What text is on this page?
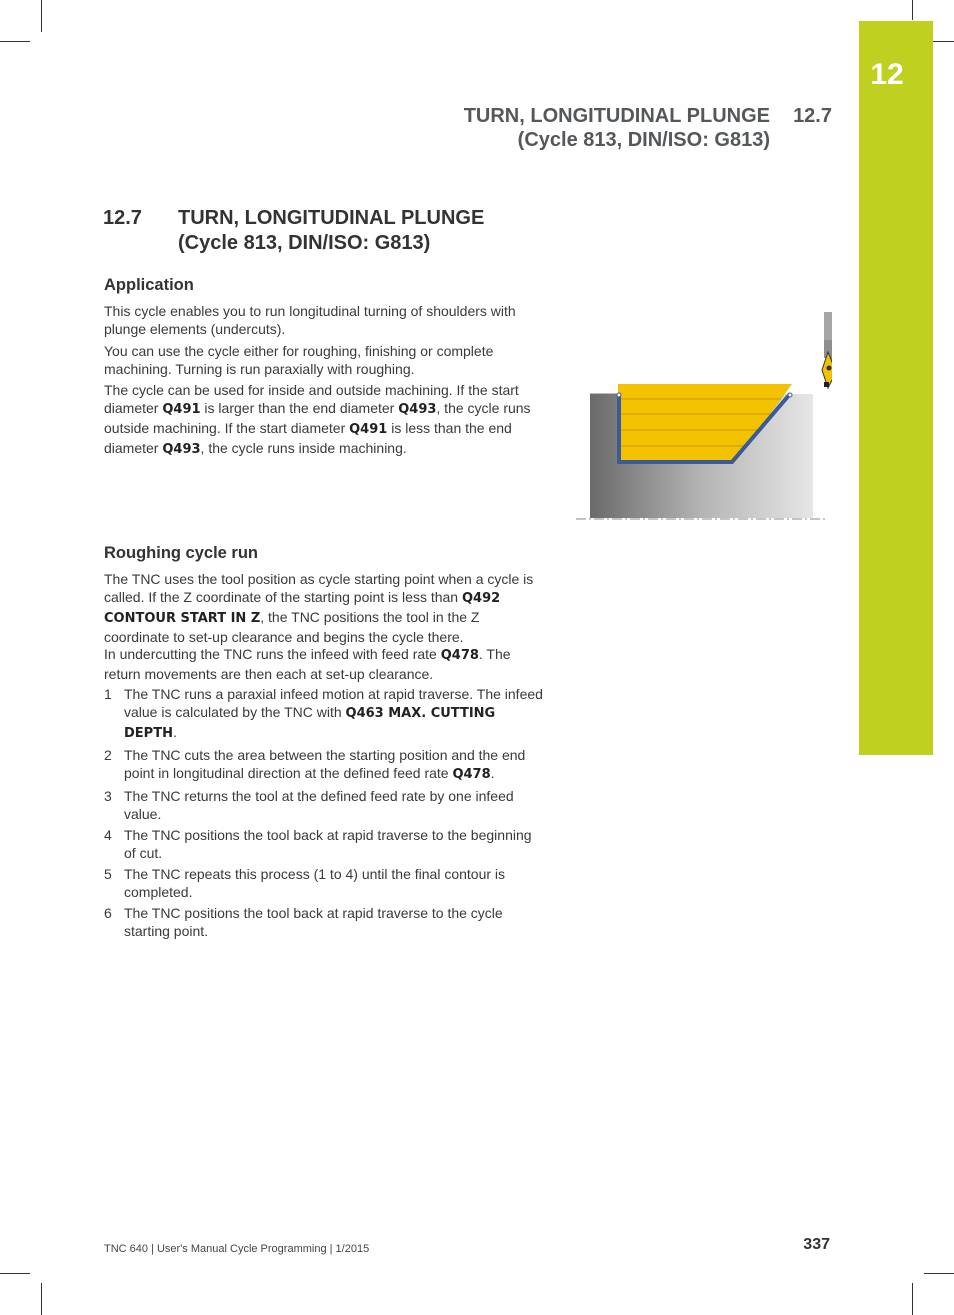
12
TURN, LONGITUDINAL PLUNGE 12.7
(Cycle 813, DIN/ISO: G813)
12.7 TURN, LONGITUDINAL PLUNGE
(Cycle 813, DIN/ISO: G813)
Application

This cycle enables you to run longitudinal turning of shoulders with plunge elements (undercuts).

You can use the cycle either for roughing, finishing or complete machining. Turning is run paraxially with roughing.

The cycle can be used for inside and outside machining. If the start diameter Q491 is larger than the end diameter Q493, the cycle runs outside machining. If the start diameter Q491 is less than the end diameter Q493, the cycle runs inside machining.

Roughing cycle run

The TNC uses the tool position as cycle starting point when a cycle is called. If the Z coordinate of the starting point is less than Q492 CONTOUR START IN Z, the TNC positions the tool in the Z coordinate to set-up clearance and begins the cycle there.

In undercutting the TNC runs the infeed with feed rate Q478. The return movements are then each at set-up clearance.

1 The TNC runs a paraxial infeed motion at rapid traverse. The infeed value is calculated by the TNC with Q463 MAX. CUTTING DEPTH.
2 The TNC cuts the area between the starting position and the end point in longitudinal direction at the defined feed rate Q478.
3 The TNC returns the tool at the defined feed rate by one infeed value.
4 The TNC positions the tool back at rapid traverse to the beginning of cut.
5 The TNC repeats this process (1 to 4) until the final contour is completed.
6 The TNC positions the tool back at rapid traverse to the cycle starting point.
TNC 640 | User's Manual Cycle Programming | 1/2015	337
